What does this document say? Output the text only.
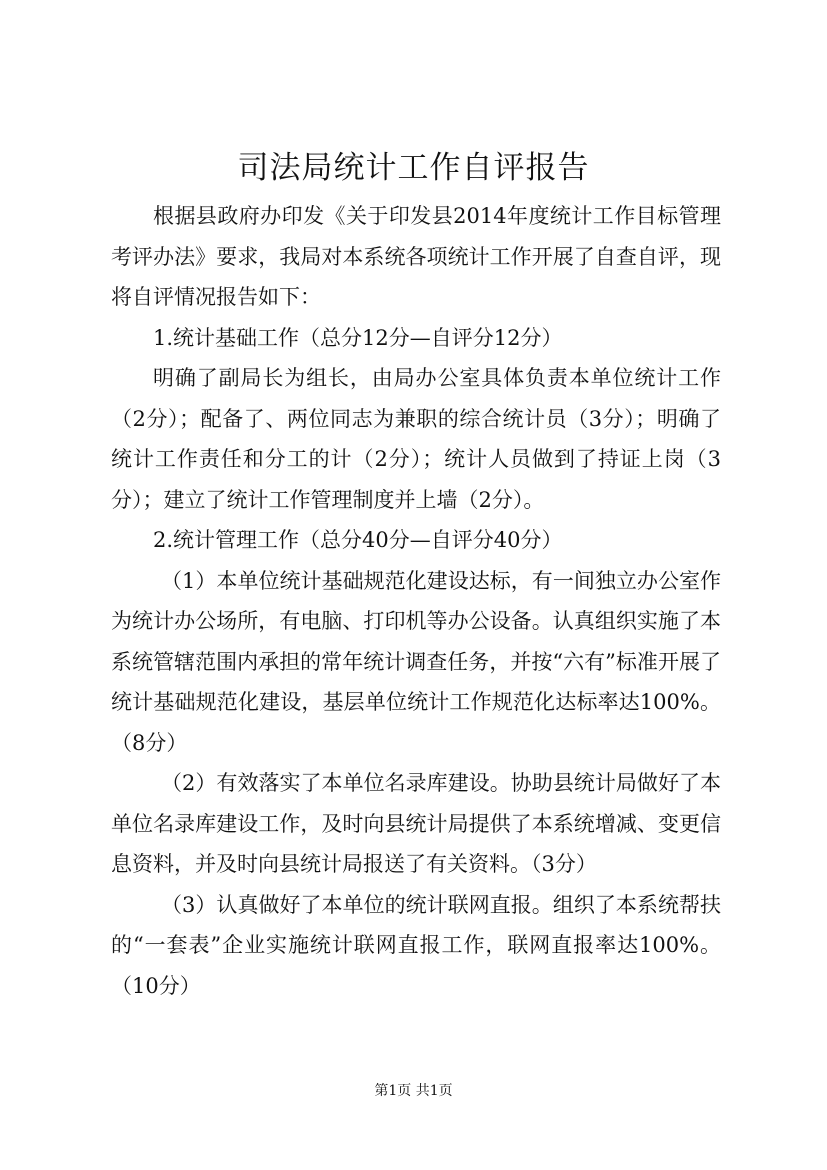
司法局统计工作自评报告

根据县政府办印发《关于印发县2014年度统计工作目标管理考评办法》要求，我局对本系统各项统计工作开展了自查自评，现将自评情况报告如下：

1.统计基础工作（总分12分—自评分12分）

明确了副局长为组长，由局办公室具体负责本单位统计工作（2分）；配备了、两位同志为兼职的综合统计员（3分）；明确了统计工作责任和分工的计（2分）；统计人员做到了持证上岗（3分）；建立了统计工作管理制度并上墙（2分）。

2.统计管理工作（总分40分—自评分40分）

（1）本单位统计基础规范化建设达标，有一间独立办公室作为统计办公场所，有电脑、打印机等办公设备。认真组织实施了本系统管辖范围内承担的常年统计调查任务，并按“六有”标准开展了统计基础规范化建设，基层单位统计工作规范化达标率达100%。（8分）

（2）有效落实了本单位名录库建设。协助县统计局做好了本单位名录库建设工作，及时向县统计局提供了本系统增减、变更信息资料，并及时向县统计局报送了有关资料。（3分）

（3）认真做好了本单位的统计联网直报。组织了本系统帮扶的“一套表”企业实施统计联网直报工作，联网直报率达100%。（10分）

第1页 共1页
